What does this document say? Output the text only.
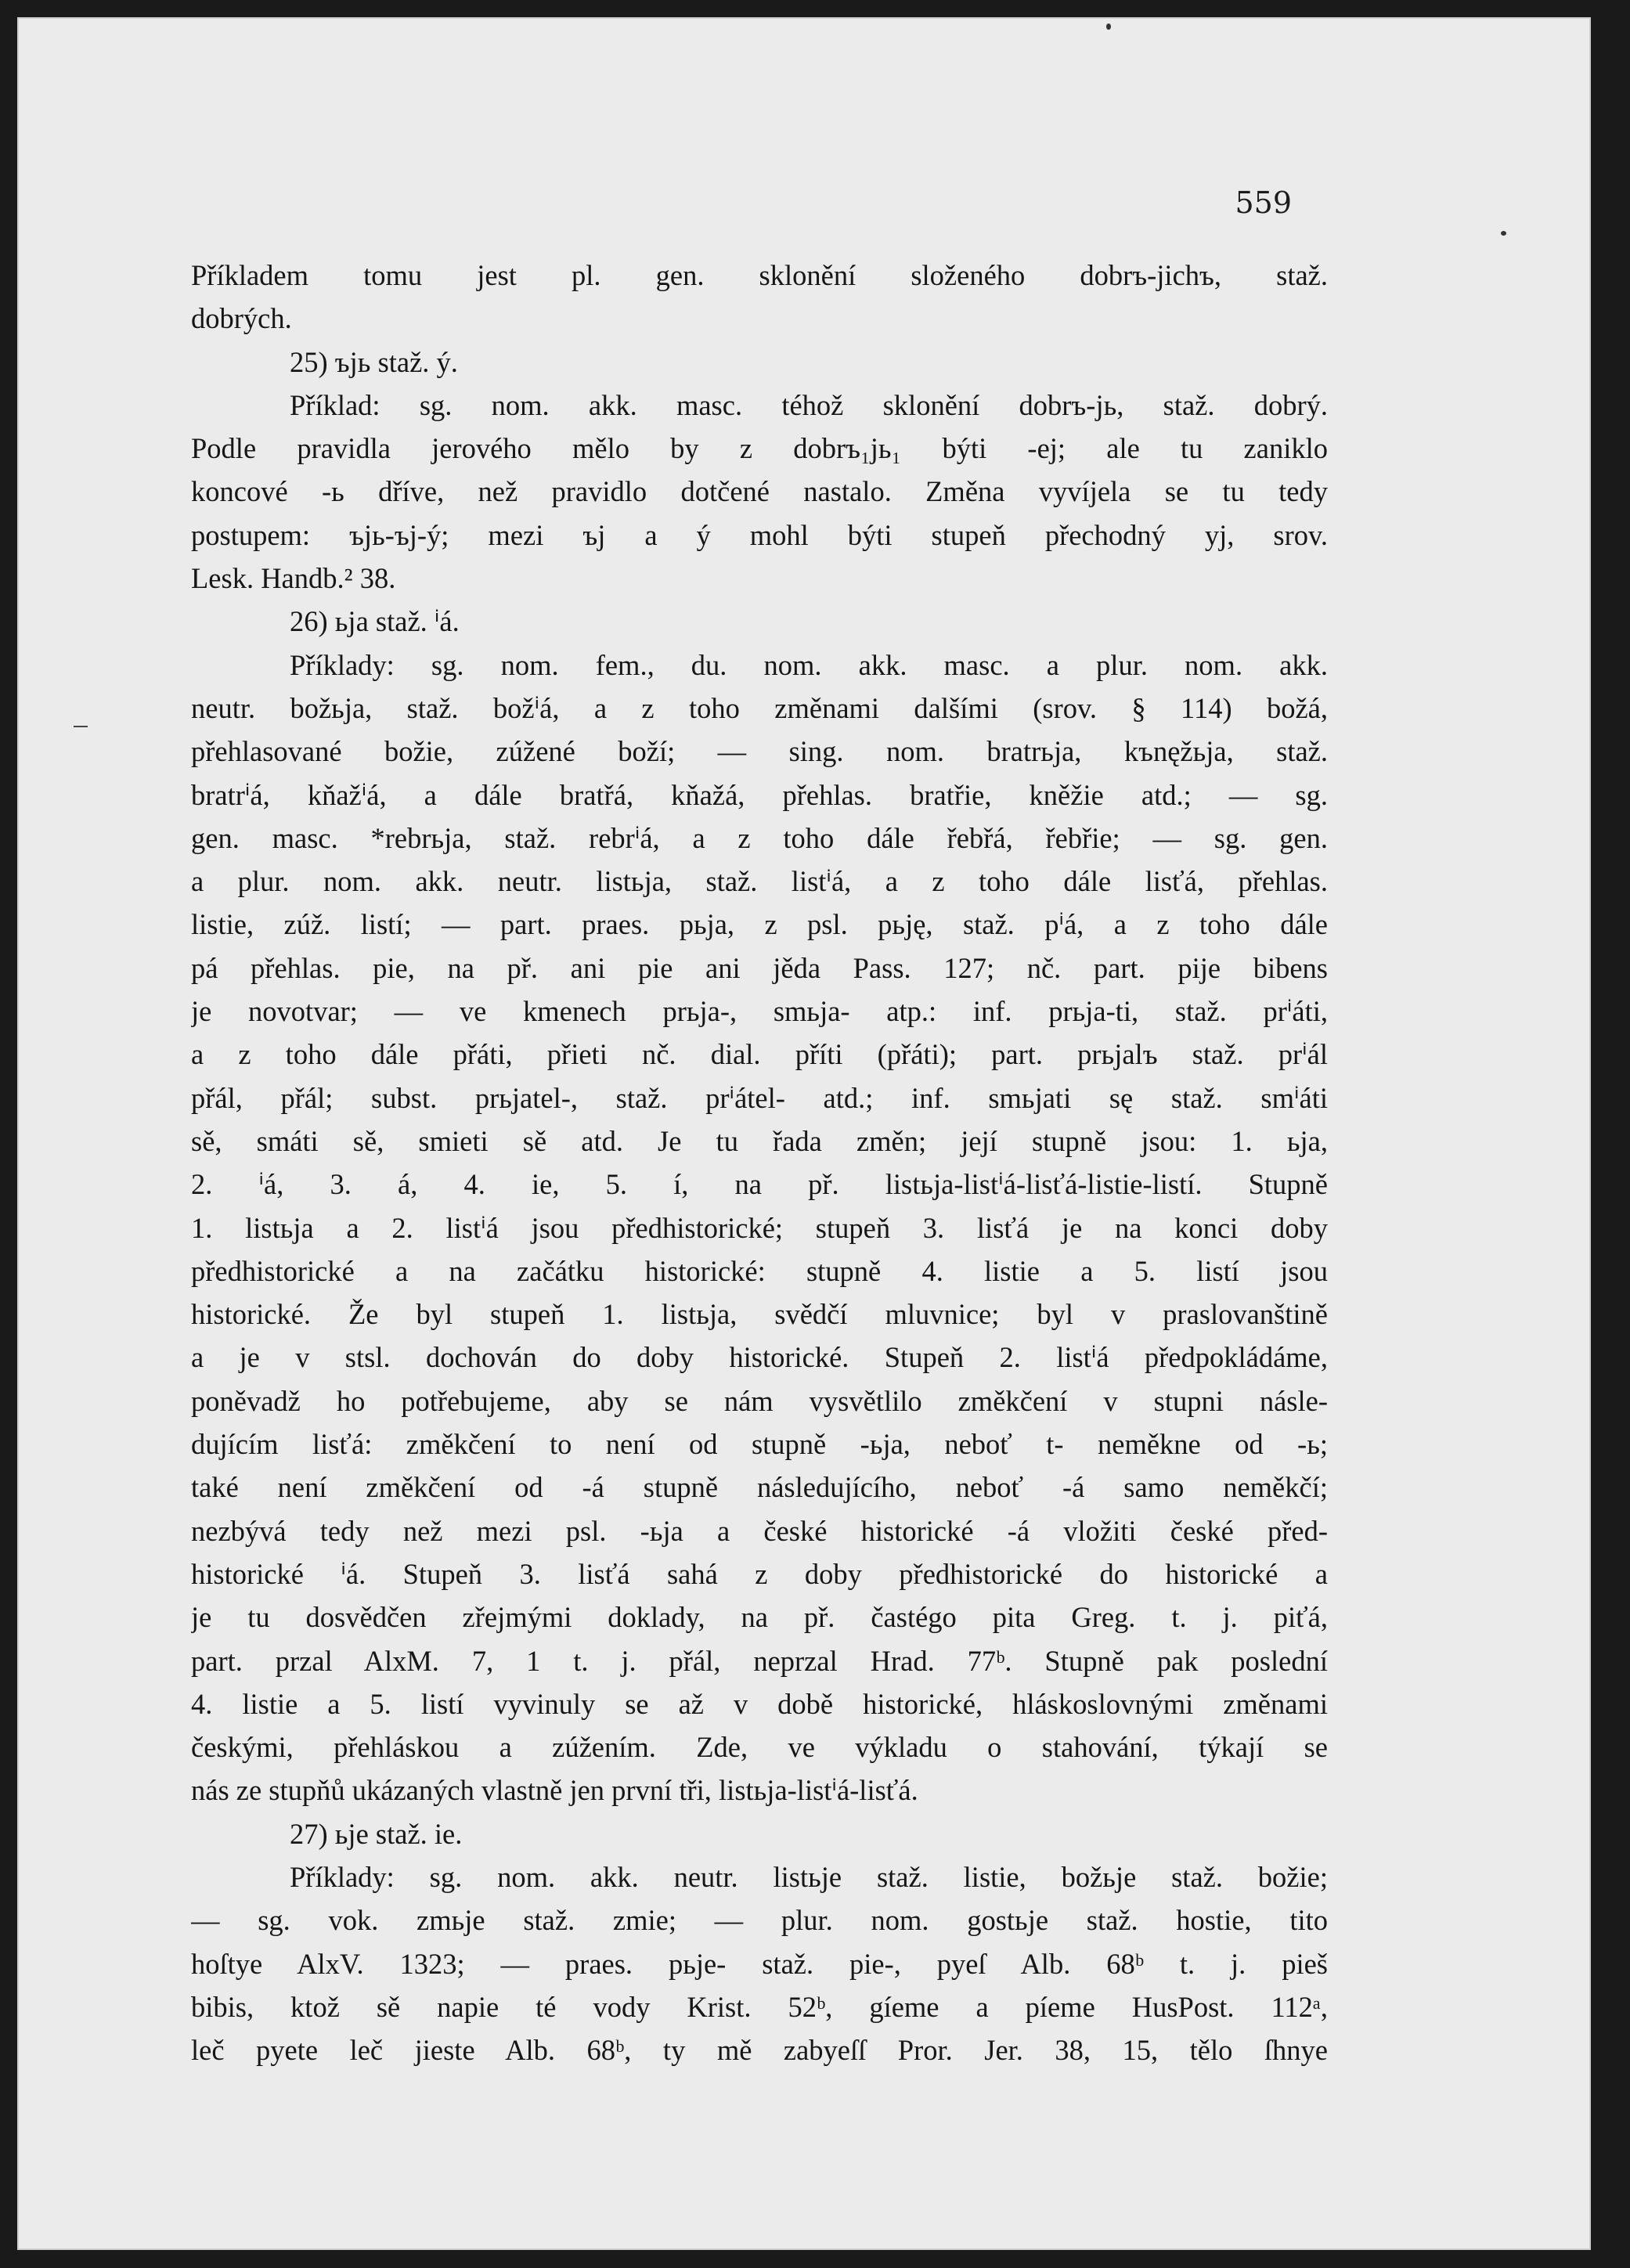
559
Příkladem tomu jest pl. gen. sklonění složeného dobrъ-jichъ, staž.
dobrých.
25) ъjь staž. ý.
Příklad: sg. nom. akk. masc. téhož sklonění dobrъ-jь, staž. dobrý.
Podle pravidla jerového mělo by z dobrъ₁jь₁ býti -ej; ale tu zaniklo
koncové -ь dříve, než pravidlo dotčené nastalo. Změna vyvíjela se tu tedy
postupem: ъjь-ъj-ý; mezi ъj a ý mohl býti stupeň přechodný yj, srov.
Lesk. Handb.² 38.
26) ьja staž. ⁱá.
Příklady: sg. nom. fem., du. nom. akk. masc. a plur. nom. akk.
neutr. božьja, staž. božⁱá, a z toho změnami dalšími (srov. § 114) božá,
přehlasované božie, zúžené boží; — sing. nom. bratrьja, kъnęžьja, staž.
bratrⁱá, kňažⁱá, a dále bratřá, kňažá, přehlas. bratřie, kněžie atd.; — sg.
gen. masc. *rebrьja, staž. rebrⁱá, a z toho dále řebřá, řebřie; — sg. gen.
a plur. nom. akk. neutr. listьja, staž. listⁱá, a z toho dále lisťá, přehlas.
listie, zúž. listí; — part. praes. pьja, z psl. pьję, staž. pⁱá, a z toho dále
pá přehlas. pie, na př. ani pie ani jěda Pass. 127; nč. part. pije bibens
je novotvar; — ve kmenech prьja-, smьja- atp.: inf. prьja-ti, staž. prⁱáti,
a z toho dále přáti, přieti nč. dial. příti (přáti); part. prьjalъ staž. prⁱál
přál, přál; subst. prьjatel-, staž. prⁱátel- atd.; inf. smьjati sę staž. smⁱáti
sě, smáti sě, smieti sě atd. Je tu řada změn; její stupně jsou: 1. ьja,
2. ⁱá, 3. á, 4. ie, 5. í, na př. listьja-listⁱá-lisťá-listie-listí. Stupně
1. listьja a 2. listⁱá jsou předhistorické; stupeň 3. lisťá je na konci doby
předhistorické a na začátku historické: stupně 4. listie a 5. listí jsou
historické. Že byl stupeň 1. listьja, svědčí mluvnice; byl v praslovanštině
a je v stsl. dochován do doby historické. Stupeň 2. listⁱá předpokládáme,
poněvadž ho potřebujeme, aby se nám vysvětlilo změkčení v stupni násle-
dujícím lisťá: změkčení to není od stupně -ьja, neboť t- neměkne od -ь;
také není změkčení od -á stupně následujícího, neboť -á samo neměkčí;
nezbývá tedy než mezi psl. -ьja a české historické -á vložiti české před-
historické ⁱá. Stupeň 3. lisťá sahá z doby předhistorické do historické a
je tu dosvědčen zřejmými doklady, na př. častégo pita Greg. t. j. piťá,
part. przal AlxM. 7, 1 t. j. přál, neprzal Hrad. 77ᵇ. Stupně pak poslední
4. listie a 5. listí vyvinuly se až v době historické, hláskoslovnými změnami
českými, přehláskou a zúžením. Zde, ve výkladu o stahování, týkají se
nás ze stupňů ukázaných vlastně jen první tři, listьja-listⁱá-lisťá.
27) ьje staž. ie.
Příklady: sg. nom. akk. neutr. listьje staž. listie, božьje staž. božie;
— sg. vok. zmьje staž. zmie; — plur. nom. gostьje staž. hostie, tito
hoſtye AlxV. 1323; — praes. pьje- staž. pie-, pyeſ Alb. 68ᵇ t. j. pieš
bibis, ktož sě napie té vody Krist. 52ᵇ, gíeme a píeme HusPost. 112ᵃ,
leč pyete leč jieste Alb. 68ᵇ, ty mě zabyeſſ Pror. Jer. 38, 15, tělo ſhnye
